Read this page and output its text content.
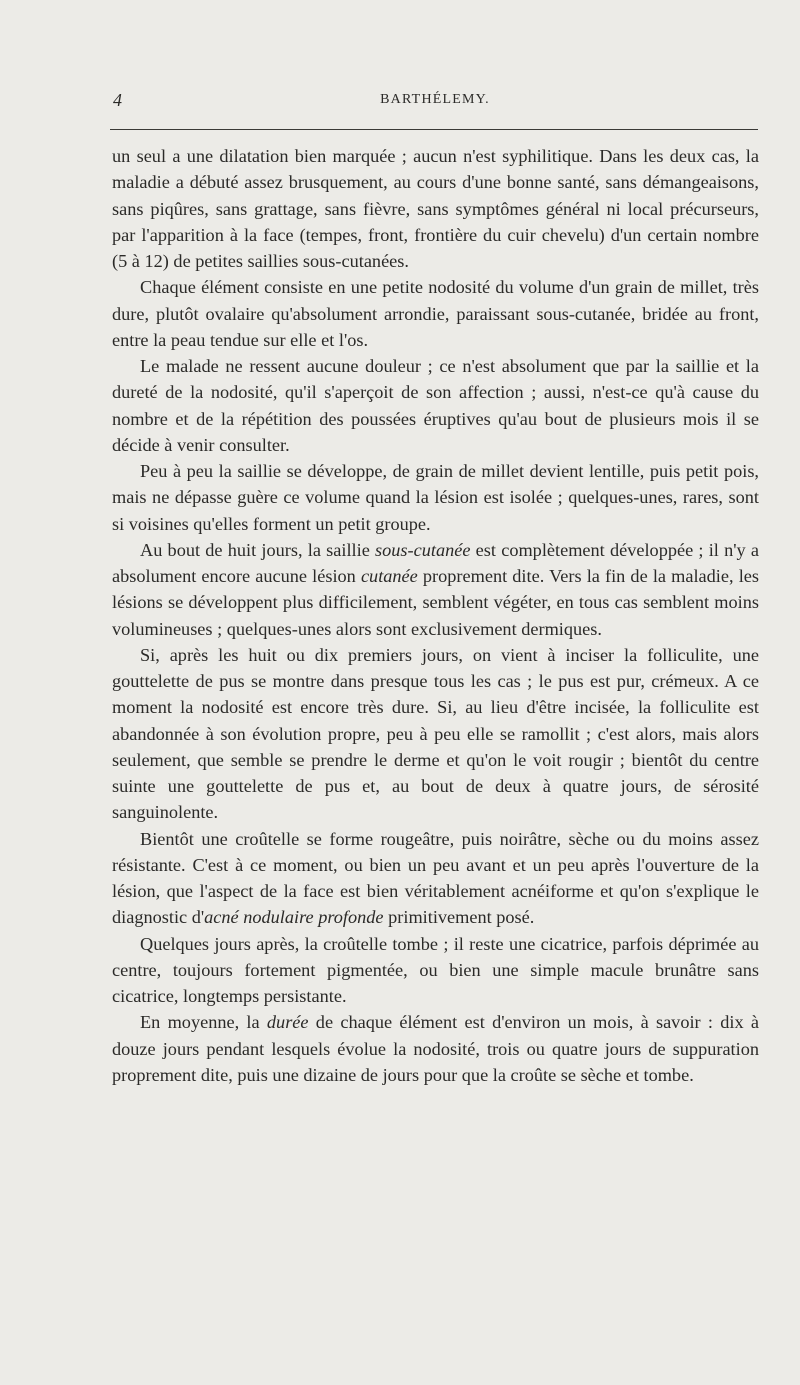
4	BARTHÉLEMY.

un seul a une dilatation bien marquée ; aucun n'est syphilitique. Dans les deux cas, la maladie a débuté assez brusquement, au cours d'une bonne santé, sans démangeaisons, sans piqûres, sans grattage, sans fièvre, sans symptômes général ni local précurseurs, par l'apparition à la face (tempes, front, frontière du cuir chevelu) d'un certain nombre (5 à 12) de petites saillies sous-cutanées.

Chaque élément consiste en une petite nodosité du volume d'un grain de millet, très dure, plutôt ovalaire qu'absolument arrondie, paraissant sous-cutanée, bridée au front, entre la peau tendue sur elle et l'os.

Le malade ne ressent aucune douleur ; ce n'est absolument que par la saillie et la dureté de la nodosité, qu'il s'aperçoit de son affection ; aussi, n'est-ce qu'à cause du nombre et de la répétition des poussées éruptives qu'au bout de plusieurs mois il se décide à venir consulter.

Peu à peu la saillie se développe, de grain de millet devient lentille, puis petit pois, mais ne dépasse guère ce volume quand la lésion est isolée ; quelques-unes, rares, sont si voisines qu'elles forment un petit groupe.

Au bout de huit jours, la saillie sous-cutanée est complètement développée ; il n'y a absolument encore aucune lésion cutanée proprement dite. Vers la fin de la maladie, les lésions se développent plus difficilement, semblent végéter, en tous cas semblent moins volumineuses ; quelques-unes alors sont exclusivement dermiques.

Si, après les huit ou dix premiers jours, on vient à inciser la folliculite, une gouttelette de pus se montre dans presque tous les cas ; le pus est pur, crémeux. A ce moment la nodosité est encore très dure. Si, au lieu d'être incisée, la folliculite est abandonnée à son évolution propre, peu à peu elle se ramollit ; c'est alors, mais alors seulement, que semble se prendre le derme et qu'on le voit rougir ; bientôt du centre suinte une gouttelette de pus et, au bout de deux à quatre jours, de sérosité sanguinolente.

Bientôt une croûtelle se forme rougeâtre, puis noirâtre, sèche ou du moins assez résistante. C'est à ce moment, ou bien un peu avant et un peu après l'ouverture de la lésion, que l'aspect de la face est bien véritablement acnéiforme et qu'on s'explique le diagnostic d'acné nodulaire profonde primitivement posé.

Quelques jours après, la croûtelle tombe ; il reste une cicatrice, parfois déprimée au centre, toujours fortement pigmentée, ou bien une simple macule brunâtre sans cicatrice, longtemps persistante.

En moyenne, la durée de chaque élément est d'environ un mois, à savoir : dix à douze jours pendant lesquels évolue la nodosité, trois ou quatre jours de suppuration proprement dite, puis une dizaine de jours pour que la croûte se sèche et tombe.
